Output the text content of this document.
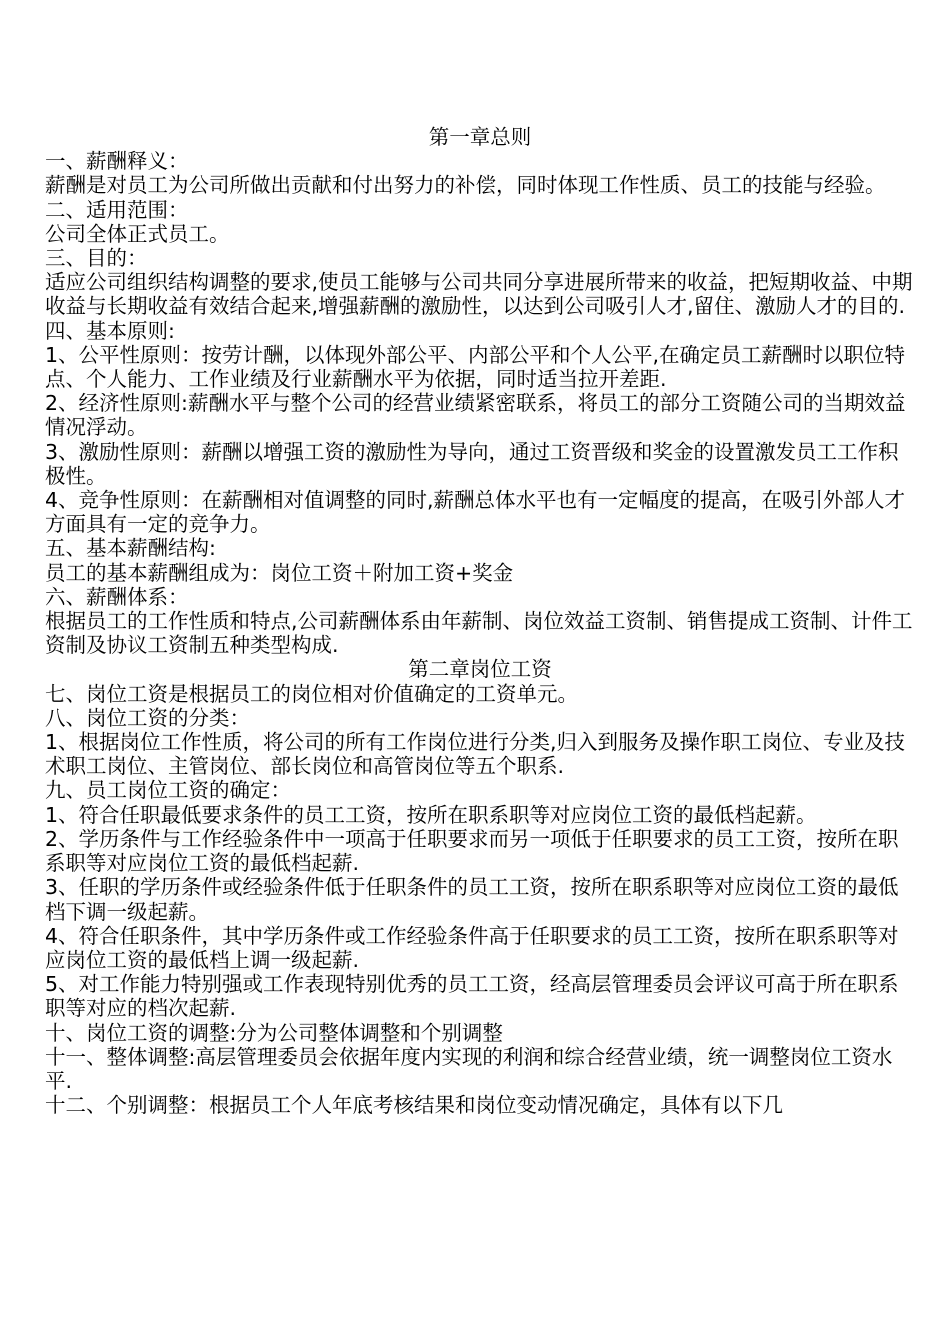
第一章总则

一、薪酬释义：

薪酬是对员工为公司所做出贡献和付出努力的补偿，同时体现工作性质、员工的技能与经验。

二、适用范围：

公司全体正式员工。

三、目的：

适应公司组织结构调整的要求,使员工能够与公司共同分享进展所带来的收益，把短期收益、中期收益与长期收益有效结合起来,增强薪酬的激励性，以达到公司吸引人才,留住、激励人才的目的.

四、基本原则:

1、公平性原则：按劳计酬，以体现外部公平、内部公平和个人公平,在确定员工薪酬时以职位特点、个人能力、工作业绩及行业薪酬水平为依据，同时适当拉开差距.

2、经济性原则:薪酬水平与整个公司的经营业绩紧密联系，将员工的部分工资随公司的当期效益情况浮动。

3、激励性原则：薪酬以增强工资的激励性为导向，通过工资晋级和奖金的设置激发员工工作积极性。

4、竞争性原则：在薪酬相对值调整的同时,薪酬总体水平也有一定幅度的提高，在吸引外部人才方面具有一定的竞争力。

五、基本薪酬结构:

员工的基本薪酬组成为：岗位工资＋附加工资+奖金

六、薪酬体系：

根据员工的工作性质和特点,公司薪酬体系由年薪制、岗位效益工资制、销售提成工资制、计件工资制及协议工资制五种类型构成.

第二章岗位工资

七、岗位工资是根据员工的岗位相对价值确定的工资单元。

八、岗位工资的分类：

1、根据岗位工作性质，将公司的所有工作岗位进行分类,归入到服务及操作职工岗位、专业及技术职工岗位、主管岗位、部长岗位和高管岗位等五个职系.

九、员工岗位工资的确定：

1、符合任职最低要求条件的员工工资，按所在职系职等对应岗位工资的最低档起薪。

2、学历条件与工作经验条件中一项高于任职要求而另一项低于任职要求的员工工资，按所在职系职等对应岗位工资的最低档起薪.

3、任职的学历条件或经验条件低于任职条件的员工工资，按所在职系职等对应岗位工资的最低档下调一级起薪。

4、符合任职条件，其中学历条件或工作经验条件高于任职要求的员工工资，按所在职系职等对应岗位工资的最低档上调一级起薪.

5、对工作能力特别强或工作表现特别优秀的员工工资，经高层管理委员会评议可高于所在职系职等对应的档次起薪.

十、岗位工资的调整:分为公司整体调整和个别调整

十一、整体调整:高层管理委员会依据年度内实现的利润和综合经营业绩，统一调整岗位工资水平.

十二、个别调整：根据员工个人年底考核结果和岗位变动情况确定，具体有以下几
